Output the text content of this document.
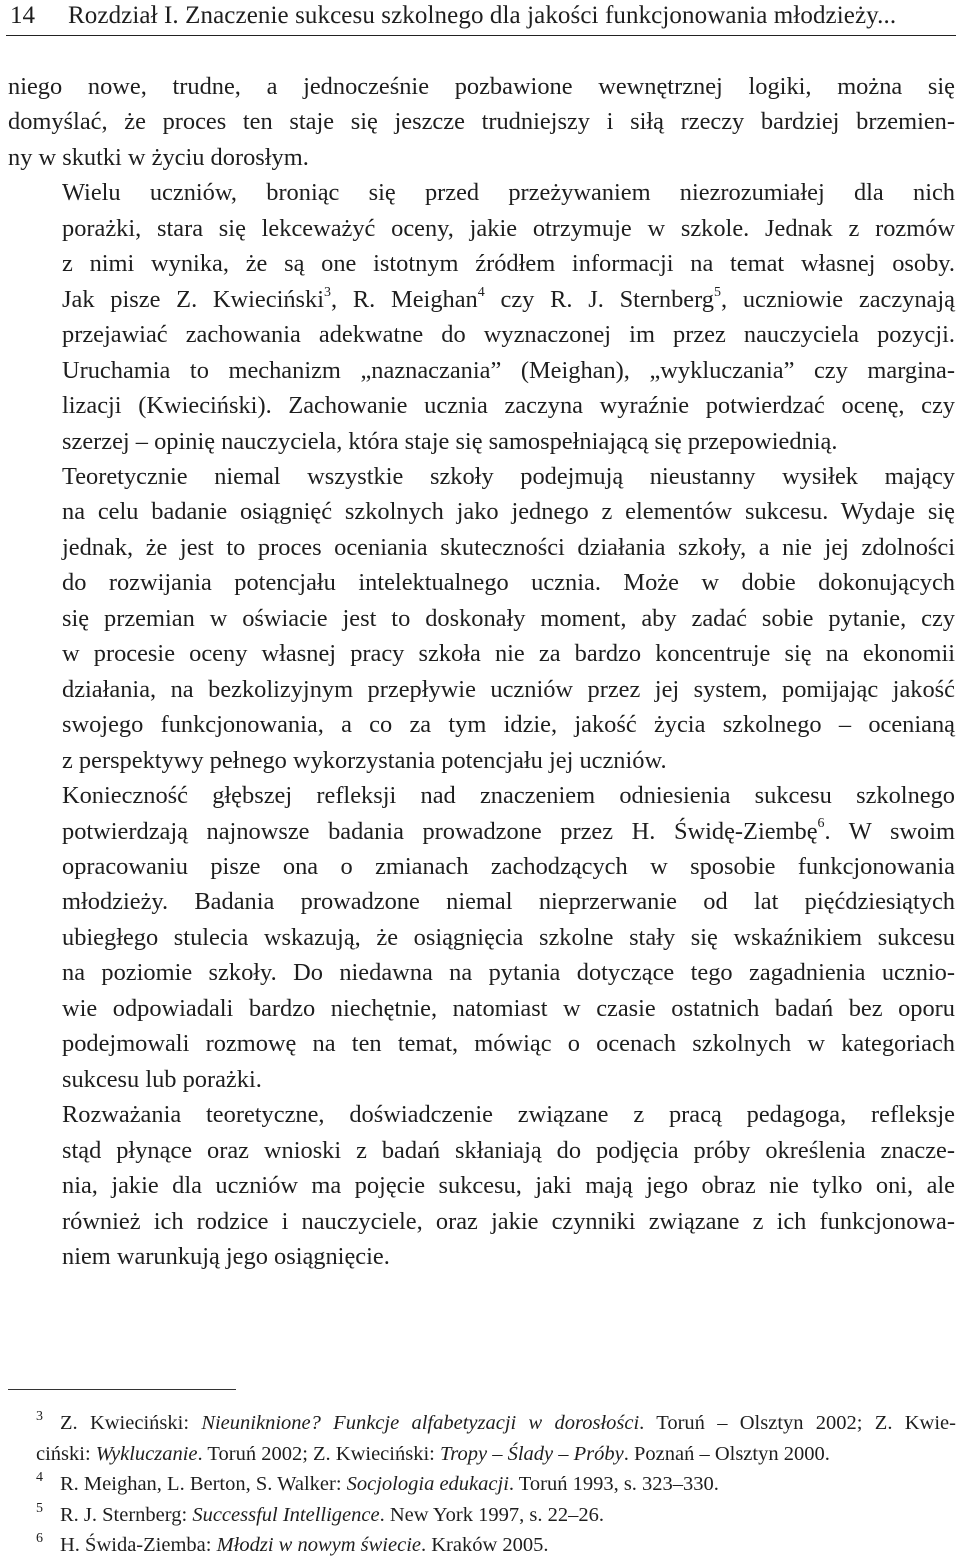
14 Rozdział I. Znaczenie sukcesu szkolnego dla jakości funkcjonowania młodzieży...

niego nowe, trudne, a jednocześnie pozbawione wewnętrznej logiki, można się
domyślać, że proces ten staje się jeszcze trudniejszy i siłą rzeczy bardziej brzemien-
ny w skutki w życiu dorosłym.

Wielu uczniów, broniąc się przed przeżywaniem niezrozumiałej dla nich
porażki, stara się lekceważyć oceny, jakie otrzymuje w szkole. Jednak z rozmów
z nimi wynika, że są one istotnym źródłem informacji na temat własnej osoby.
Jak pisze Z. Kwieciński$^3$, R. Meighan$^4$ czy R. J. Sternberg$^5$, uczniowie zaczynają
przejawiać zachowania adekwatne do wyznaczonej im przez nauczyciela pozycji.
Uruchamia to mechanizm „naznaczania” (Meighan), „wykluczania” czy margina-
lizacji (Kwieciński). Zachowanie ucznia zaczyna wyraźnie potwierdzać ocenę, czy
szerzej – opinię nauczyciela, która staje się samospełniającą się przepowiednią.

Teoretycznie niemal wszystkie szkoły podejmują nieustanny wysiłek mający
na celu badanie osiągnięć szkolnych jako jednego z elementów sukcesu. Wydaje się
jednak, że jest to proces oceniania skuteczności działania szkoły, a nie jej zdolności
do rozwijania potencjału intelektualnego ucznia. Może w dobie dokonujących
się przemian w oświacie jest to doskonały moment, aby zadać sobie pytanie, czy
w procesie oceny własnej pracy szkoła nie za bardzo koncentruje się na ekonomii
działania, na bezkolizyjnym przepływie uczniów przez jej system, pomijając jakość
swojego funkcjonowania, a co za tym idzie, jakość życia szkolnego – ocenianą
z perspektywy pełnego wykorzystania potencjału jej uczniów.

Konieczność głębszej refleksji nad znaczeniem odniesienia sukcesu szkolnego
potwierdzają najnowsze badania prowadzone przez H. Świdę-Ziembę$^6$. W swoim
opracowaniu pisze ona o zmianach zachodzących w sposobie funkcjonowania
młodzieży. Badania prowadzone niemal nieprzerwanie od lat pięćdziesiątych
ubiegłego stulecia wskazują, że osiągnięcia szkolne stały się wskaźnikiem sukcesu
na poziomie szkoły. Do niedawna na pytania dotyczące tego zagadnienia ucznio-
wie odpowiadali bardzo niechętnie, natomiast w czasie ostatnich badań bez oporu
podejmowali rozmowę na ten temat, mówiąc o ocenach szkolnych w kategoriach
sukcesu lub porażki.

Rozważania teoretyczne, doświadczenie związane z pracą pedagoga, refleksje
stąd płynące oraz wnioski z badań skłaniają do podjęcia próby określenia znacze-
nia, jakie dla uczniów ma pojęcie sukcesu, jaki mają jego obraz nie tylko oni, ale
również ich rodzice i nauczyciele, oraz jakie czynniki związane z ich funkcjonowa-
niem warunkują jego osiągnięcie.

3 Z. Kwieciński: Nieuniknione? Funkcje alfabetyzacji w dorosłości. Toruń – Olsztyn 2002; Z. Kwie-
ciński: Wykluczanie. Toruń 2002; Z. Kwieciński: Tropy – Ślady – Próby. Poznań – Olsztyn 2000.
4 R. Meighan, L. Berton, S. Walker: Socjologia edukacji. Toruń 1993, s. 323–330.
5 R. J. Sternberg: Successful Intelligence. New York 1997, s. 22–26.
6 H. Świda-Ziemba: Młodzi w nowym świecie. Kraków 2005.
